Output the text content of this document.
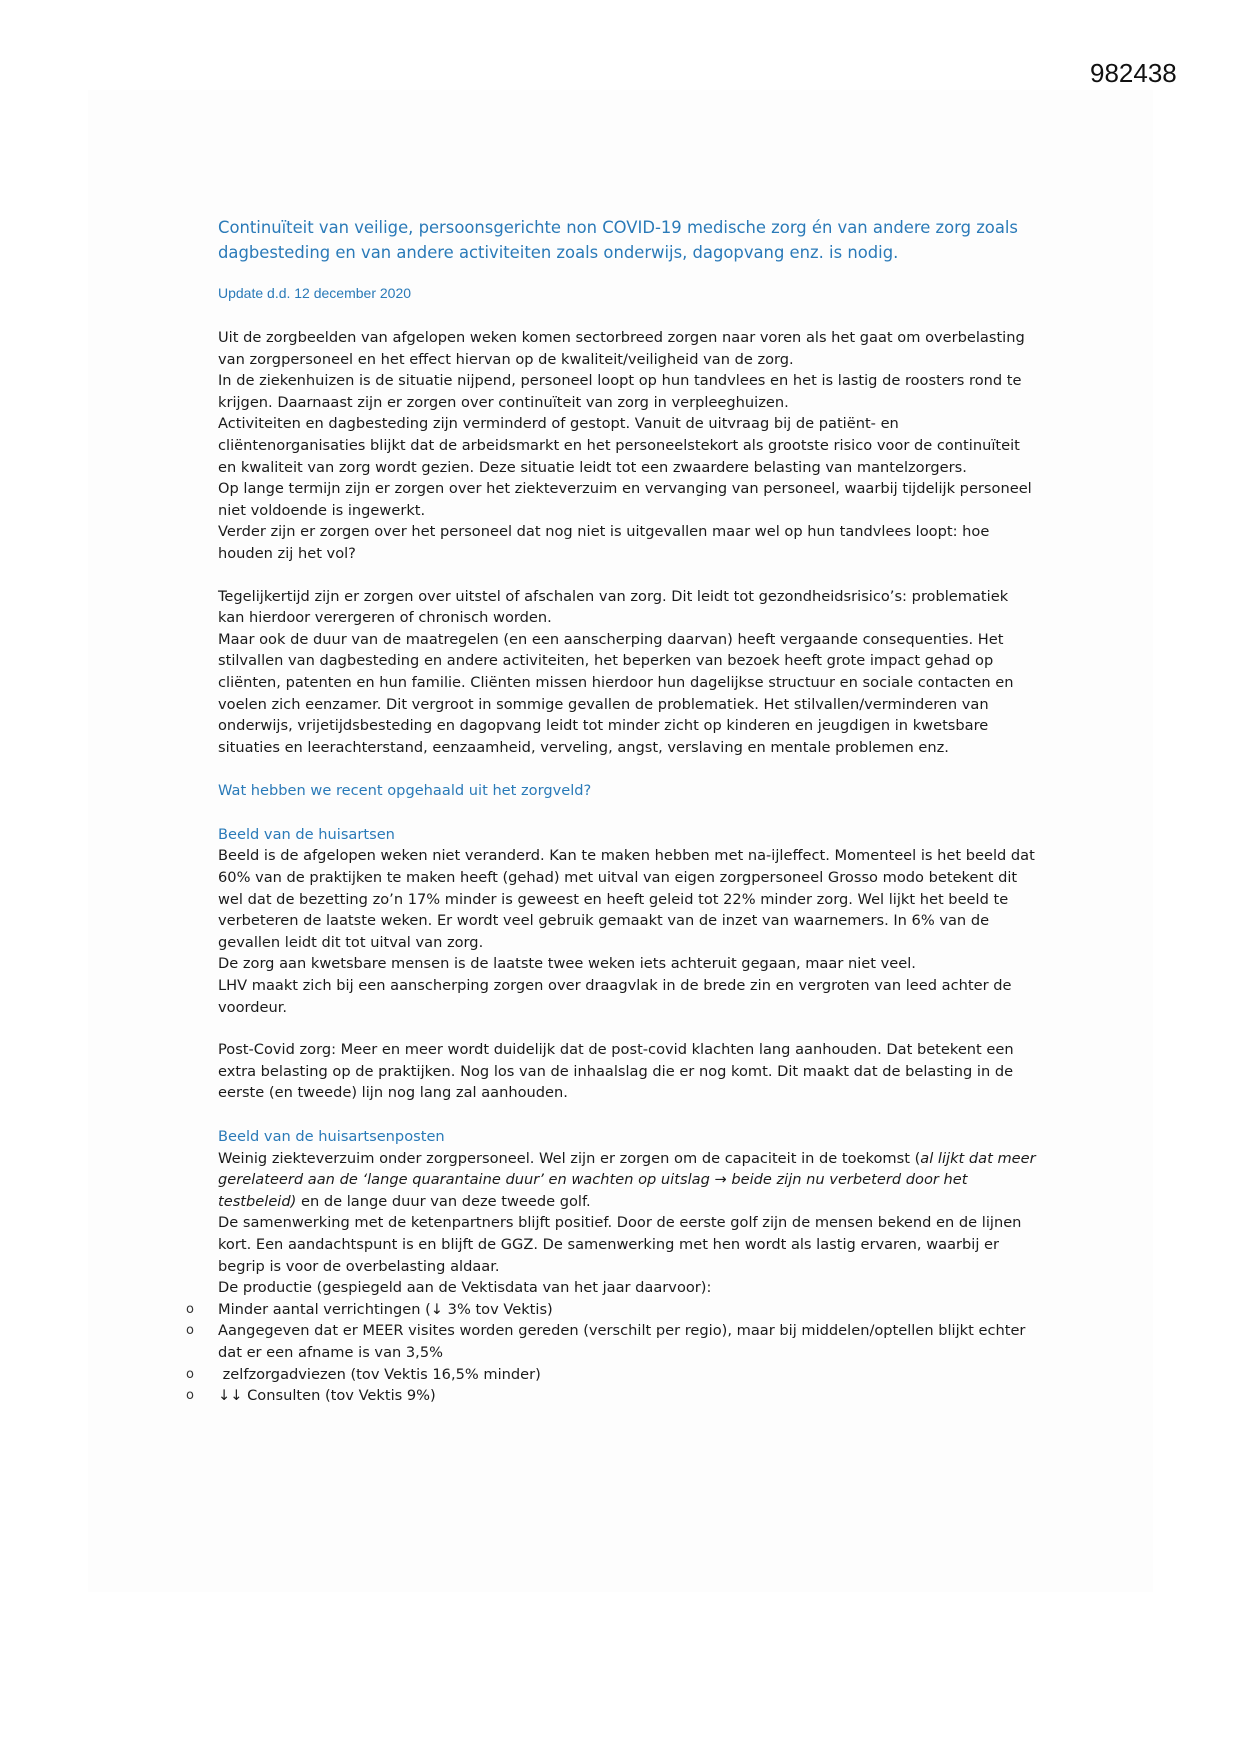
982438

Continuïteit van veilige, persoonsgerichte non COVID-19 medische zorg én van andere zorg zoals dagbesteding en van andere activiteiten zoals onderwijs, dagopvang enz. is nodig.

Update d.d. 12 december 2020

Uit de zorgbeelden van afgelopen weken komen sectorbreed zorgen naar voren als het gaat om overbelasting van zorgpersoneel en het effect hiervan op de kwaliteit/veiligheid van de zorg.

In de ziekenhuizen is de situatie nijpend, personeel loopt op hun tandvlees en het is lastig de roosters rond te krijgen. Daarnaast zijn er zorgen over continuïteit van zorg in verpleeghuizen.

Activiteiten en dagbesteding zijn verminderd of gestopt. Vanuit de uitvraag bij de patiënt- en cliëntenorganisaties blijkt dat de arbeidsmarkt en het personeelstekort als grootste risico voor de continuïteit en kwaliteit van zorg wordt gezien. Deze situatie leidt tot een zwaardere belasting van mantelzorgers.

Op lange termijn zijn er zorgen over het ziekteverzuim en vervanging van personeel, waarbij tijdelijk personeel niet voldoende is ingewerkt.

Verder zijn er zorgen over het personeel dat nog niet is uitgevallen maar wel op hun tandvlees loopt: hoe houden zij het vol?

Tegelijkertijd zijn er zorgen over uitstel of afschalen van zorg. Dit leidt tot gezondheidsrisico’s: problematiek kan hierdoor verergeren of chronisch worden.

Maar ook de duur van de maatregelen (en een aanscherping daarvan) heeft vergaande consequenties. Het stilvallen van dagbesteding en andere activiteiten, het beperken van bezoek heeft grote impact gehad op cliënten, patenten en hun familie. Cliënten missen hierdoor hun dagelijkse structuur en sociale contacten en voelen zich eenzamer. Dit vergroot in sommige gevallen de problematiek. Het stilvallen/verminderen van onderwijs, vrijetijdsbesteding en dagopvang leidt tot minder zicht op kinderen en jeugdigen in kwetsbare situaties en leerachterstand, eenzaamheid, verveling, angst, verslaving en mentale problemen enz.

Wat hebben we recent opgehaald uit het zorgveld?

Beeld van de huisartsen

Beeld is de afgelopen weken niet veranderd. Kan te maken hebben met na-ijleffect. Momenteel is het beeld dat 60% van de praktijken te maken heeft (gehad) met uitval van eigen zorgpersoneel Grosso modo betekent dit wel dat de bezetting zo’n 17% minder is geweest en heeft geleid tot 22% minder zorg. Wel lijkt het beeld te verbeteren de laatste weken. Er wordt veel gebruik gemaakt van de inzet van waarnemers. In 6% van de gevallen leidt dit tot uitval van zorg.

De zorg aan kwetsbare mensen is de laatste twee weken iets achteruit gegaan, maar niet veel.

LHV maakt zich bij een aanscherping zorgen over draagvlak in de brede zin en vergroten van leed achter de voordeur.

Post-Covid zorg: Meer en meer wordt duidelijk dat de post-covid klachten lang aanhouden. Dat betekent een extra belasting op de praktijken. Nog los van de inhaalslag die er nog komt. Dit maakt dat de belasting in de eerste (en tweede) lijn nog lang zal aanhouden.

Beeld van de huisartsenposten

Weinig ziekteverzuim onder zorgpersoneel. Wel zijn er zorgen om de capaciteit in de toekomst (al lijkt dat meer gerelateerd aan de ‘lange quarantaine duur’ en wachten op uitslag → beide zijn nu verbeterd door het testbeleid) en de lange duur van deze tweede golf.

De samenwerking met de ketenpartners blijft positief. Door de eerste golf zijn de mensen bekend en de lijnen kort. Een aandachtspunt is en blijft de GGZ. De samenwerking met hen wordt als lastig ervaren, waarbij er begrip is voor de overbelasting aldaar.

De productie (gespiegeld aan de Vektisdata van het jaar daarvoor):

o Minder aantal verrichtingen (↓ 3% tov Vektis)
o Aangegeven dat er MEER visites worden gereden (verschilt per regio), maar bij middelen/optellen blijkt echter dat er een afname is van 3,5%
o zelfzorgadviezen (tov Vektis 16,5% minder)
o ↓↓ Consulten (tov Vektis 9%)
